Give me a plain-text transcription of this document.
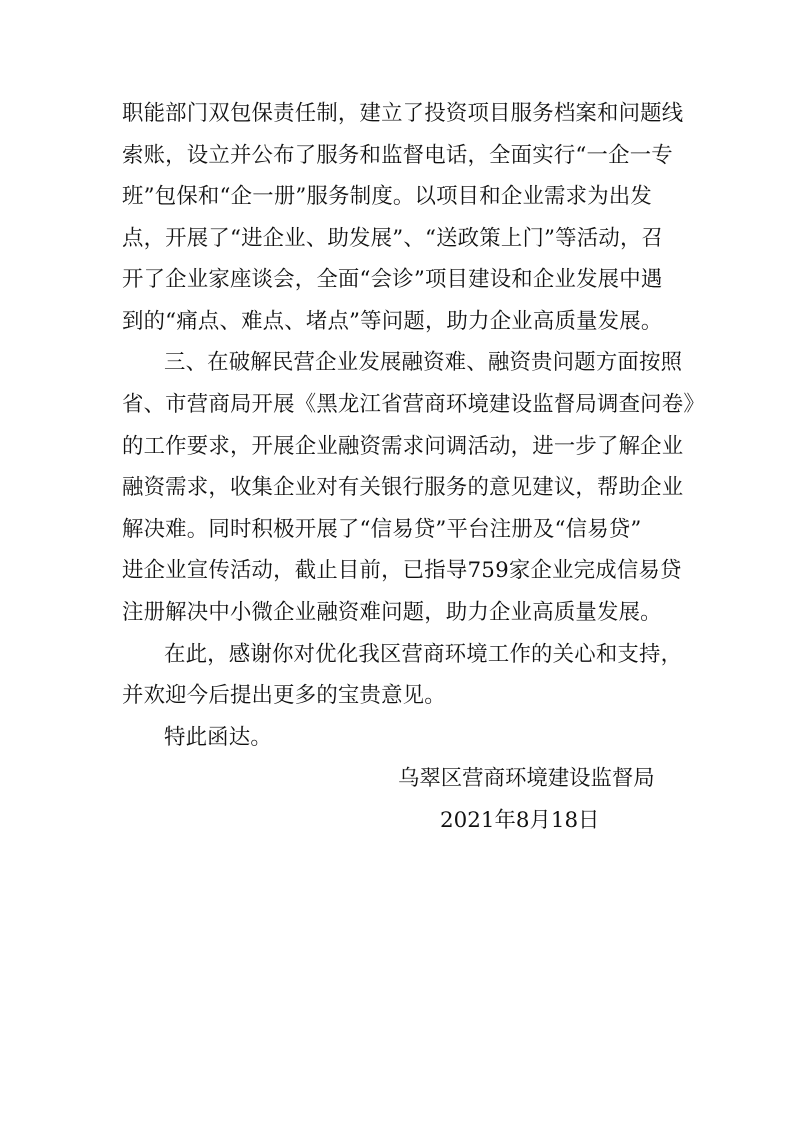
职能部门双包保责任制，建立了投资项目服务档案和问题线
索账，设立并公布了服务和监督电话，全面实行“一企一专
班”包保和“企一册”服务制度。以项目和企业需求为出发
点，开展了“进企业、助发展”、“送政策上门”等活动，召
开了企业家座谈会，全面“会诊”项目建设和企业发展中遇
到的“痛点、难点、堵点”等问题，助力企业高质量发展。
三、在破解民营企业发展融资难、融资贵问题方面按照
省、市营商局开展《黑龙江省营商环境建设监督局调查问卷》
的工作要求，开展企业融资需求问调活动，进一步了解企业
融资需求，收集企业对有关银行服务的意见建议，帮助企业
解决难。同时积极开展了“信易贷”平台注册及“信易贷”
进企业宣传活动，截止目前，已指导759家企业完成信易贷
注册解决中小微企业融资难问题，助力企业高质量发展。
在此，感谢你对优化我区营商环境工作的关心和支持，
并欢迎今后提出更多的宝贵意见。
特此函达。
乌翠区营商环境建设监督局
2021年8月18日
